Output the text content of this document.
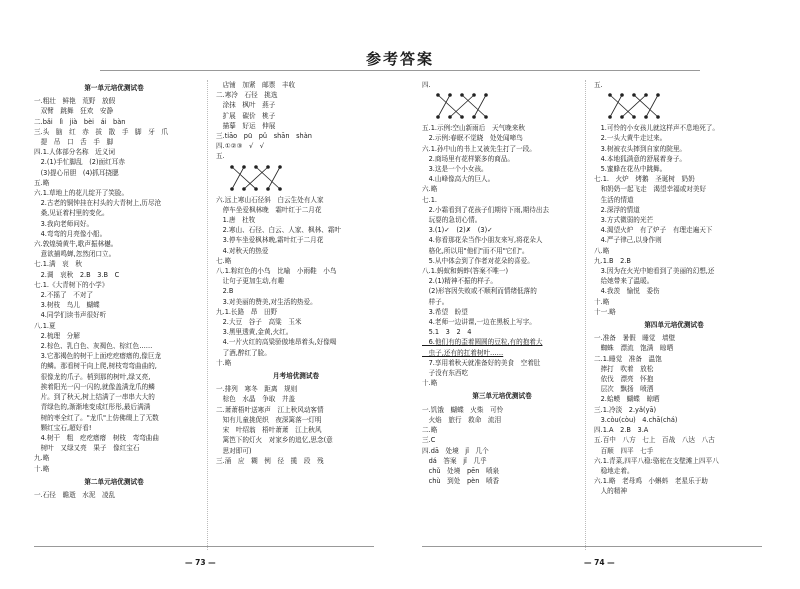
参考答案
第一单元培优测试卷
一.粗壮　鲜艳　荒野　放假
　双臂　跳舞　狂欢　安静
二.bǎi　lì　jià　bèi　ái　bàn
三.头　脑　红　赤　拔　散　手　脚　牙　爪
　提　吊　口　舌　手　脚
四.1.人体部分名称　近义词
　2.(1)手忙脚乱　(2)面红耳赤
　(3)提心吊胆　(4)抓耳挠腮
五.略
六.1.草地上的花儿绽开了笑脸。
　2.古老的铜钟挂在村头的大青树上,历尽沧
　桑,见证着村里的变化。
　3.我向老师问好。
　4.弯弯的月亮像小船。
六.敦煌骑黄牛,歌声振林樾。
　意欲捕鸣蝉,忽然闭口立。
七.1.满　哀　秋
　2.调　哀秋　2.B　3.B　C
七.1.《大青树下的小学》
　2.不摇了　不对了
　3.树枝　鸟儿　蝴蝶
　4.同学们读书声很好听
八.1.夏
　2.梳理　分解
　2.棕色、乳白色、灰褐色、棕红色……
　3.它那褐色的树干上面疙疙瘩瘩的,像巨龙
　的鳞。那看树干向上爬,树枝弯弯曲曲的,
　很像龙的爪子。梢到那的树叶,绿又亮,
　挨着阳光一闪一闪的,就像盖满龙爪的鳞
　片。到了秋天,树上结满了一串串大大的
　青绿色的,渐渐地变成红彤彤,最后满满
　树的枣全红了。"龙爪"上仿佛缀上了无数
　颗红宝石,超好看!
　4.树干　粗　疙疙瘩瘩　树枝　弯弯曲曲
　树叶　又绿又亮　果子　像红宝石
九.略
十.略
第二单元培优测试卷
一.石径　瞻逝　水泥　凌乱
　店铺　加紧　邮票　丰收
二.寒冷　石径　挑选
　涂抹　枫叶　燕子
　扩展　碳价　桃子
　描摹　好运　伸展
三.tiāo　pū　pǔ　shān　shàn
四.①②③　√　√
五.
六.远上寒山石径斜　白云生处有人家
　停车坐爱枫林晚　霜叶红于二月花
　1.唐　杜牧
　2.寒山、石径、白云、人家、枫林、霜叶
　3.停车坐爱枫林晚,霜叶红于二月花
　4.对秋天的热爱
七.略
八.1.粽红色的小鸟　比喻　小雨鞋　小鸟
　让句子更加生动,有趣
　2.B
　3.对美丽的赞美,对生活的热爱。
九.1.长路　昂　田野
　2.大豆　谷子　高粱　玉米
　3.黑里透黄,金黄,火红。
　4.一片火红的高粱骄傲地昂着头,好像喝
　了酒,醉红了脸。
十.略
月考培优测试卷
一.排列　寒冬　距离　规则
　棕色　水晶　争取　井盖
二.萧萧梧叶送寒声　江上秋风动客情
　知有儿童挑促织　夜深篱落一灯明
　宋　叶绍翁　梧叶萧萧　江上秋风
　篱笆下的灯火　对家乡的追忆,思念(意
　思对即可)
三.涌　应　糊　例　径　揽　段　残
四.
五.1.示例:空山新雨后　天气晚来秋
　2.示例:春眠不觉晓　处处闻啼鸟
六.1.孙中山的书上又被先生打了一段。
　2.商场里有花样繁多的商品。
　3.这是一个小女孩。
　4.山峰像高大的巨人。
六.略
七.1.
　2.小霜看到了花孩子们期待下雨,期待出去
　玩耍的急切心情。
　3.(1)✓　(2)✗　(3)✓
　4.你看那花朵当作小朋友来写,将花朵人
　格化,所以用"他们"而不用"它们"。
　5.从中体会到了作者对花朵的喜爱。
八.1.蚂蚁和蚂蚱(答案不唯一)
　2.(1)精神不振的样子。
　(2)形容因失败或不顺利而情绪低落的
　样子。
　3.希望　盼望
　4.老师一边讲课,一边在黑板上写字。
　5.1　3　2　4
　6.他们有的歪着圆圆的豆粒,有的抱着大
　虫子,还有的扛着树叶……
　7.享用着秋天就准备好的美食　空着肚
　子没有东西吃
十.略
第三单元培优测试卷
一.饥饿　蝴蝶　火柴　可怜
　火焰　旅行　救命　流泪
二.略
三.C
四.dā　处境　jǐ　几个
　dá　答案　jǐ　几乎
　chǔ　处境　pēn　喷泉
　chù　到处　pèn　喷香
五.
　1.可怜的小女孩儿就这样声不息地死了。
　2.一头大黄牛走过来。
　3.树被衣头摔到自家的院里。
　4.本地狐满意的舒展着身子。
　5.蜜蜂在花丛中跳舞。
七.1.　火炉　烤鹅　圣诞树　奶奶
　和奶奶一起飞走　渴望幸福或对美好
　生活的情道
　2.深浮的情道
　3.方式微弱的光芒
　4.渴望火炉　有了炉子　有理走遍天下
　4.严子律己,以身作则
八.略
九.1.B　2.B
　3.因为在火光中她看到了美丽的幻想,还
　给她带来了温暖。
　4.我羡　愉悦　委伤
十.略
十一.略
第四单元培优测试卷
一.准备　暑假　睡觉　墙壁
　蜘蛛　漂流　饱满　晾晒
二.1.睡觉　准备　温饱
　捧打　吹着　放松
　依伐　漂亮　怀抱
　层次　飘扬　喷洒
　2.蛤蟆　蝴蝶　晾晒
三.1.冷淡　2.yǎ(yā)
　3.còu(còu)　4.chā(chá)
四.1.A　2.B　3.A
五.百中　八方　七上　百战　八达　八古
　百顺　四平　七手
六.1.青菜,四平八稳:骆驼在支壁滩上四平八
　稳地走着。
六.1.略　老母鸡　小蝌蚪　老星乐于助
　人的精神
— 73 —	— 74 —
